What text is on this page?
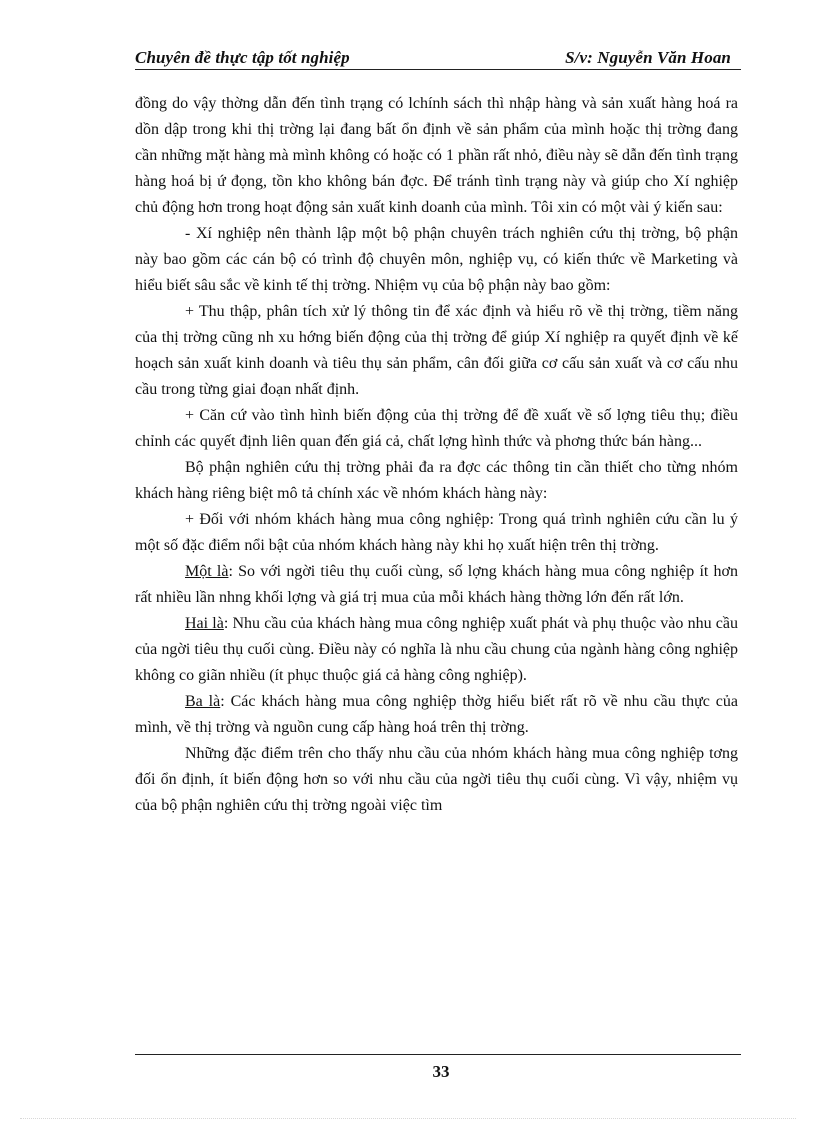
Chuyên đề thực tập tốt nghiệp	S/v: Nguyễn Văn Hoan

đồng do vậy thờng dẫn đến tình trạng có lchính sách thì nhập hàng và sản xuất hàng hoá ra dồn dập trong khi thị trờng lại đang bất ổn định về sản phẩm của mình hoặc thị trờng đang cần những mặt hàng mà mình không có hoặc có 1 phần rất nhỏ, điều này sẽ dẫn đến tình trạng hàng hoá bị ứ đọng, tồn kho không bán đợc. Để tránh tình trạng này và giúp cho Xí nghiệp chủ động hơn trong hoạt động sản xuất kinh doanh của mình. Tôi xin có một vài ý kiến sau:

- Xí nghiệp nên thành lập một bộ phận chuyên trách nghiên cứu thị trờng, bộ phận này bao gồm các cán bộ có trình độ chuyên môn, nghiệp vụ, có kiến thức về Marketing và hiểu biết sâu sắc về kinh tế thị trờng. Nhiệm vụ của bộ phận này bao gồm:

+ Thu thập, phân tích xử lý thông tin để xác định và hiểu rõ về thị trờng, tiềm năng của thị trờng cũng nh xu hớng biến động của thị trờng để giúp Xí nghiệp ra quyết định về kế hoạch sản xuất kinh doanh và tiêu thụ sản phẩm, cân đối giữa cơ cấu sản xuất và cơ cấu nhu cầu trong từng giai đoạn nhất định.

+ Căn cứ vào tình hình biến động của thị trờng để đề xuất về số lợng tiêu thụ; điều chỉnh các quyết định liên quan đến giá cả, chất lợng hình thức và phơng thức bán hàng...

Bộ phận nghiên cứu thị trờng phải đa ra đợc các thông tin cần thiết cho từng nhóm khách hàng riêng biệt mô tả chính xác về nhóm khách hàng này:

+ Đối với nhóm khách hàng mua công nghiệp: Trong quá trình nghiên cứu cần lu ý một số đặc điểm nổi bật của nhóm khách hàng này khi họ xuất hiện trên thị trờng.

Một là: So với ngời tiêu thụ cuối cùng, số lợng khách hàng mua công nghiệp ít hơn rất nhiều lần nhng khối lợng và giá trị mua của mỗi khách hàng thờng lớn đến rất lớn.

Hai là: Nhu cầu của khách hàng mua công nghiệp xuất phát và phụ thuộc vào nhu cầu của ngời tiêu thụ cuối cùng. Điều này có nghĩa là nhu cầu chung của ngành hàng công nghiệp không co giãn nhiều (ít phục thuộc giá cả hàng công nghiệp).

Ba là: Các khách hàng mua công nghiệp thờg hiểu biết rất rõ về nhu cầu thực của mình, về thị trờng và nguồn cung cấp hàng hoá trên thị trờng.

Những đặc điểm trên cho thấy nhu cầu của nhóm khách hàng mua công nghiệp tơng đối ổn định, ít biến động hơn so với nhu cầu của ngời tiêu thụ cuối cùng. Vì vậy, nhiệm vụ của bộ phận nghiên cứu thị trờng ngoài việc tìm

33
